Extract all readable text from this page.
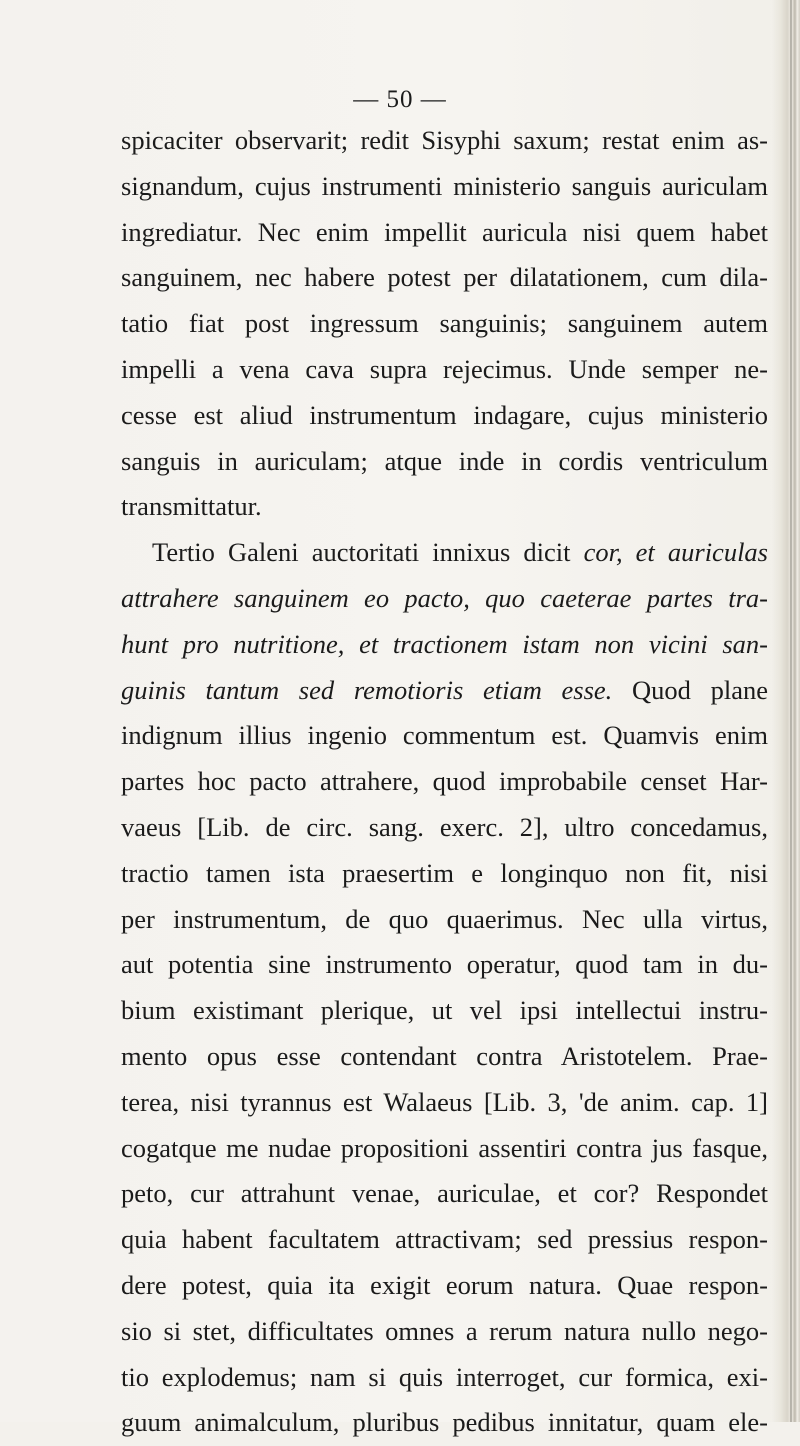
— 50 —
spicaciter observarit; redit Sisyphi saxum; restat enim as-
signandum, cujus instrumenti ministerio sanguis auriculam
ingrediatur. Nec enim impellit auricula nisi quem habet
sanguinem, nec habere potest per dilatationem, cum dila-
tatio fiat post ingressum sanguinis; sanguinem autem
impelli a vena cava supra rejecimus. Unde semper ne-
cesse est aliud instrumentum indagare, cujus ministerio
sanguis in auriculam; atque inde in cordis ventriculum
transmittatur.
Tertio Galeni auctoritati innixus dicit cor, et auriculas
attrahere sanguinem eo pacto, quo caeterae partes tra-
hunt pro nutritione, et tractionem istam non vicini san-
guinis tantum sed remotioris etiam esse. Quod plane
indignum illius ingenio commentum est. Quamvis enim
partes hoc pacto attrahere, quod improbabile censet Har-
vaeus [Lib. de circ. sang. exerc. 2], ultro concedamus,
tractio tamen ista praesertim e longinquo non fit, nisi
per instrumentum, de quo quaerimus. Nec ulla virtus,
aut potentia sine instrumento operatur, quod tam in du-
bium existimant plerique, ut vel ipsi intellectui instru-
mento opus esse contendant contra Aristotelem. Prae-
terea, nisi tyrannus est Walaeus [Lib. 3, 'de anim. cap. 1]
cogatque me nudae propositioni assentiri contra jus fasque,
peto, cur attrahunt venae, auriculae, et cor? Respondet
quia habent facultatem attractivam; sed pressius respon-
dere potest, quia ita exigit eorum natura. Quae respon-
sio si stet, difficultates omnes a rerum natura nullo nego-
tio explodemus; nam si quis interroget, cur formica, exi-
guum animalculum, pluribus pedibus innitatur, quam ele-
